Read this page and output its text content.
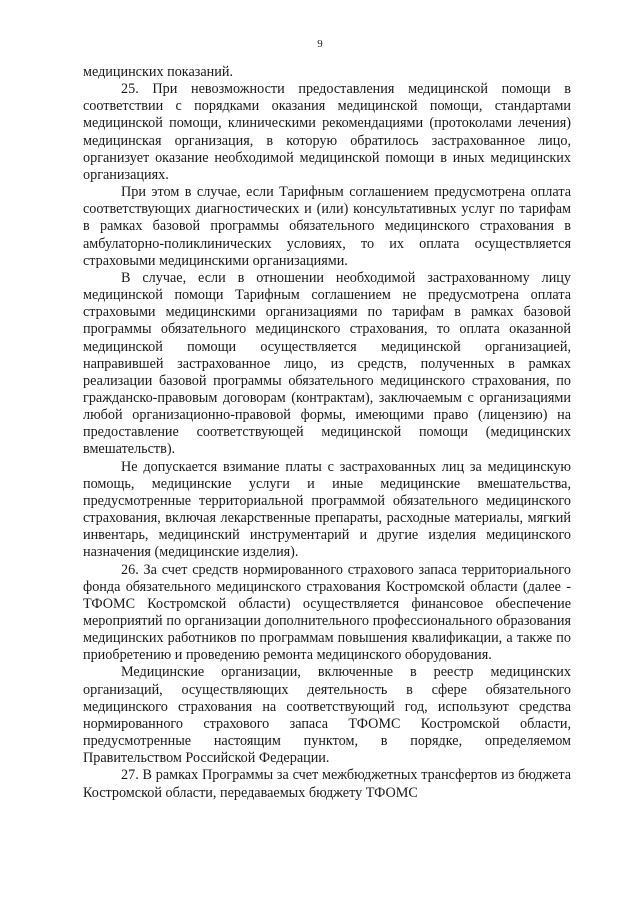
9

медицинских показаний.

25. При невозможности предоставления медицинской помощи в соответствии с порядками оказания медицинской помощи, стандартами медицинской помощи, клиническими рекомендациями (протоколами лечения) медицинская организация, в которую обратилось застрахованное лицо, организует оказание необходимой медицинской помощи в иных медицинских организациях.

При этом в случае, если Тарифным соглашением предусмотрена оплата соответствующих диагностических и (или) консультативных услуг по тарифам в рамках базовой программы обязательного медицинского страхования в амбулаторно-поликлинических условиях, то их оплата осуществляется страховыми медицинскими организациями.

В случае, если в отношении необходимой застрахованному лицу медицинской помощи Тарифным соглашением не предусмотрена оплата страховыми медицинскими организациями по тарифам в рамках базовой программы обязательного медицинского страхования, то оплата оказанной медицинской помощи осуществляется медицинской организацией, направившей застрахованное лицо, из средств, полученных в рамках реализации базовой программы обязательного медицинского страхования, по гражданско-правовым договорам (контрактам), заключаемым с организациями любой организационно-правовой формы, имеющими право (лицензию) на предоставление соответствующей медицинской помощи (медицинских вмешательств).

Не допускается взимание платы с застрахованных лиц за медицинскую помощь, медицинские услуги и иные медицинские вмешательства, предусмотренные территориальной программой обязательного медицинского страхования, включая лекарственные препараты, расходные материалы, мягкий инвентарь, медицинский инструментарий и другие изделия медицинского назначения (медицинские изделия).

26. За счет средств нормированного страхового запаса территориального фонда обязательного медицинского страхования Костромской области (далее - ТФОМС Костромской области) осуществляется финансовое обеспечение мероприятий по организации дополнительного профессионального образования медицинских работников по программам повышения квалификации, а также по приобретению и проведению ремонта медицинского оборудования.

Медицинские организации, включенные в реестр медицинских организаций, осуществляющих деятельность в сфере обязательного медицинского страхования на соответствующий год, используют средства нормированного страхового запаса ТФОМС Костромской области, предусмотренные настоящим пунктом, в порядке, определяемом Правительством Российской Федерации.

27. В рамках Программы за счет межбюджетных трансфертов из бюджета Костромской области, передаваемых бюджету ТФОМС
